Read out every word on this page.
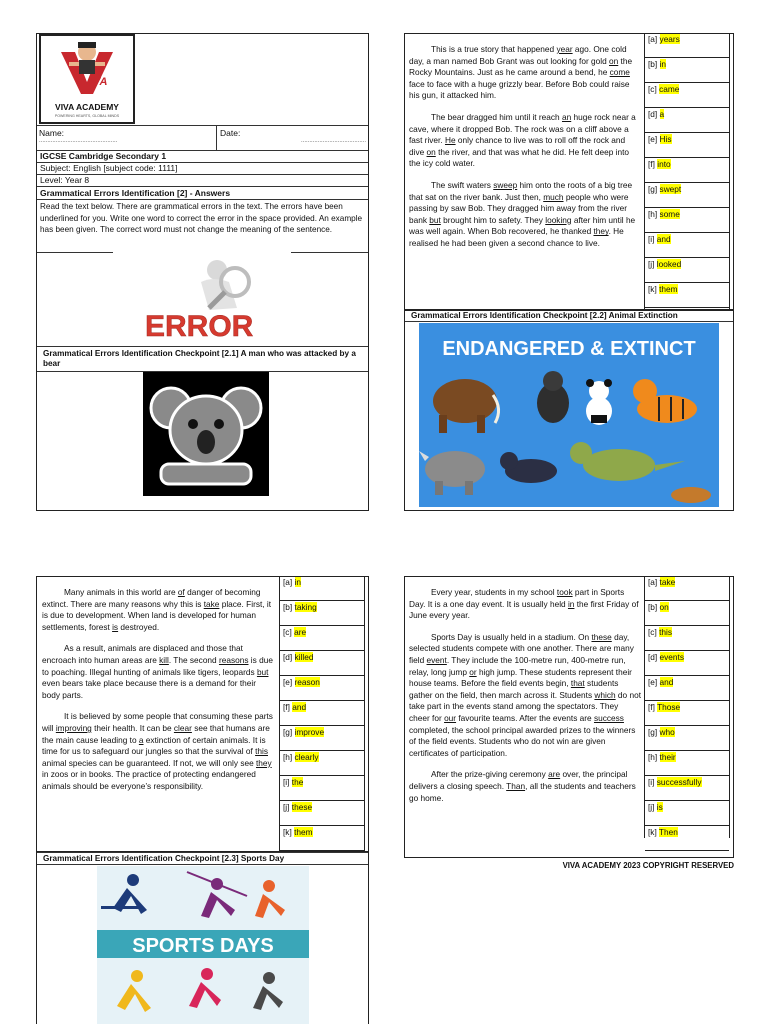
VA
VIVA ACADEMY
POWERING HEARTS, GLOBAL MINDS
Name:
...............................................
Date:
.......................................
IGCSE Cambridge Secondary 1
Subject: English [subject code: 1111]
Level: Year 8
Grammatical Errors Identification [2] - Answers
Read the text below. There are grammatical errors in the text. The errors have been underlined for you. Write one word to correct the error in the space provided. An example has been given. The correct word must not change the meaning of the sentence.
ERROR
Grammatical Errors Identification Checkpoint [2.1] A man who was attacked by a bear

This is a true story that happened year ago. One cold day, a man named Bob Grant was out looking for gold on the Rocky Mountains. Just as he came around a bend, he come face to face with a huge grizzly bear. Before Bob could raise his gun, it attacked him.

The bear dragged him until it reach an huge rock near a cave, where it dropped Bob. The rock was on a cliff above a fast river. He only chance to live was to roll off the rock and dive on the river, and that was what he did. He felt deep into the icy cold water.

The swift waters sweep him onto the roots of a big tree that sat on the river bank. Just then, much people who were passing by saw Bob. They dragged him away from the river bank but brought him to safety. They looking after him until he was well again. When Bob recovered, he thanked they. He realised he had been given a second chance to live.

[a] years
[b] in
[c] came
[d] a
[e] His
[f] into
[g] swept
[h] some
[i] and
[j] looked
[k] them
Grammatical Errors Identification Checkpoint [2.2] Animal Extinction
ENDANGERED & EXTINCT

Many animals in this world are of danger of becoming extinct. There are many reasons why this is take place. First, it is due to development. When land is developed for human settlements, forest is destroyed.

As a result, animals are displaced and those that encroach into human areas are kill. The second reasons is due to poaching. Illegal hunting of animals like tigers, leopards but even bears take place because there is a demand for their body parts.

It is believed by some people that consuming these parts will improving their health. It can be clear see that humans are the main cause leading to a extinction of certain animals. It is time for us to safeguard our jungles so that the survival of this animal species can be guaranteed. If not, we will only see they in zoos or in books. The practice of protecting endangered animals should be everyone’s responsibility.

[a] in
[b] taking
[c] are
[d] killed
[e] reason
[f] and
[g] improve
[h] clearly
[i] the
[j] these
[k] them
Grammatical Errors Identification Checkpoint [2.3] Sports Day
SPORTS DAYS

Every year, students in my school took part in Sports Day. It is a one day event. It is usually held in the first Friday of June every year.

Sports Day is usually held in a stadium. On these day, selected students compete with one another. There are many field event. They include the 100-metre run, 400-metre run, relay, long jump or high jump. These students represent their house teams. Before the field events begin, that students gather on the field, then march across it. Students which do not take part in the events stand among the spectators. They cheer for our favourite teams. After the events are success completed, the school principal awarded prizes to the winners of the field events. Students who do not win are given certificates of participation.

After the prize-giving ceremony are over, the principal delivers a closing speech. Than, all the students and teachers go home.

[a] take
[b] on
[c] this
[d] events
[e] and
[f] Those
[g] who
[h] their
[i] successfully
[j] is
[k] Then
VIVA ACADEMY 2023 COPYRIGHT RESERVED
